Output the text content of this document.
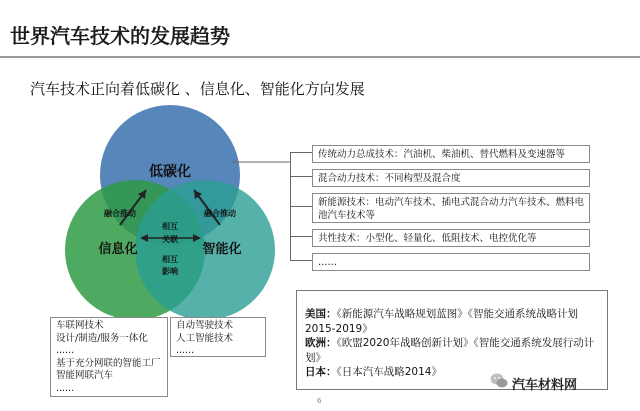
世界汽车技术的发展趋势
汽车技术正向着低碳化 、信息化、智能化方向发展
低碳化
信息化	智能化
融合推动	融合推动
相互
关联
相互
影响
传统动力总成技术：汽油机、柴油机、替代燃料及变速器等
混合动力技术：不同构型及混合度
新能源技术：电动汽车技术、插电式混合动力汽车技术、燃料电池汽车技术等
共性技术：小型化、轻量化、低阻技术、电控优化等
……
车联网技术
设计/制造/服务一体化
......
基于充分网联的智能工厂
智能网联汽车
......
自动驾驶技术
人工智能技术
......
美国：《新能源汽车战略规划蓝图》《智能交通系统战略计划2015-2019》
欧洲：《欧盟2020年战略创新计划》《智能交通系统发展行动计划》
日本：《日本汽车战略2014》
汽车材料网
6
